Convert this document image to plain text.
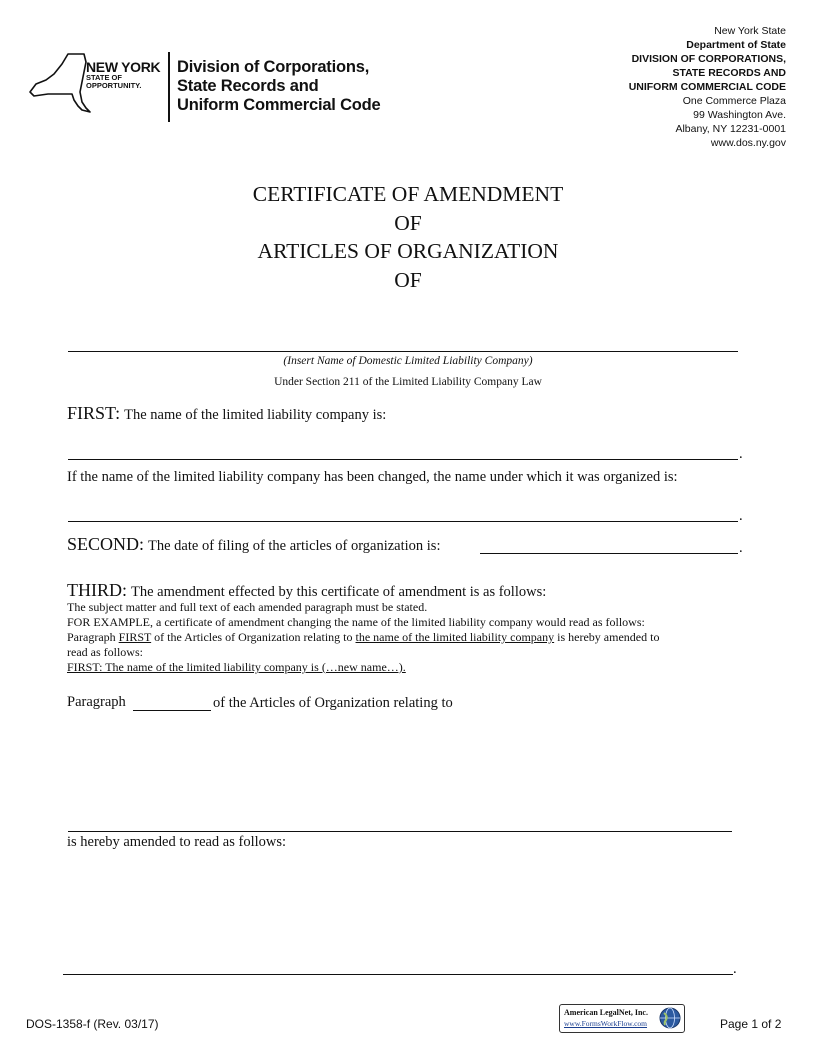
NEW YORK
STATE OF
OPPORTUNITY.
Division of Corporations,
State Records and
Uniform Commercial Code
New York State
Department of State
DIVISION OF CORPORATIONS,
STATE RECORDS AND
UNIFORM COMMERCIAL CODE
One Commerce Plaza
99 Washington Ave.
Albany, NY 12231-0001
www.dos.ny.gov
CERTIFICATE OF AMENDMENT
OF
ARTICLES OF ORGANIZATION
OF
(Insert Name of Domestic Limited Liability Company)
Under Section 211 of the Limited Liability Company Law
FIRST: The name of the limited liability company is:
.
If the name of the limited liability company has been changed, the name under which it was organized is:
.
SECOND: The date of filing of the articles of organization is:	.
THIRD: The amendment effected by this certificate of amendment is as follows:
The subject matter and full text of each amended paragraph must be stated.
FOR EXAMPLE, a certificate of amendment changing the name of the limited liability company would read as follows:
Paragraph FIRST of the Articles of Organization relating to the name of the limited liability company is hereby amended to
read as follows:
FIRST: The name of the limited liability company is (…new name…).
Paragraph	of the Articles of Organization relating to
is hereby amended to read as follows:
.
DOS-1358-f (Rev. 03/17)
American LegalNet, Inc.
www.FormsWorkFlow.com	Page 1 of 2
